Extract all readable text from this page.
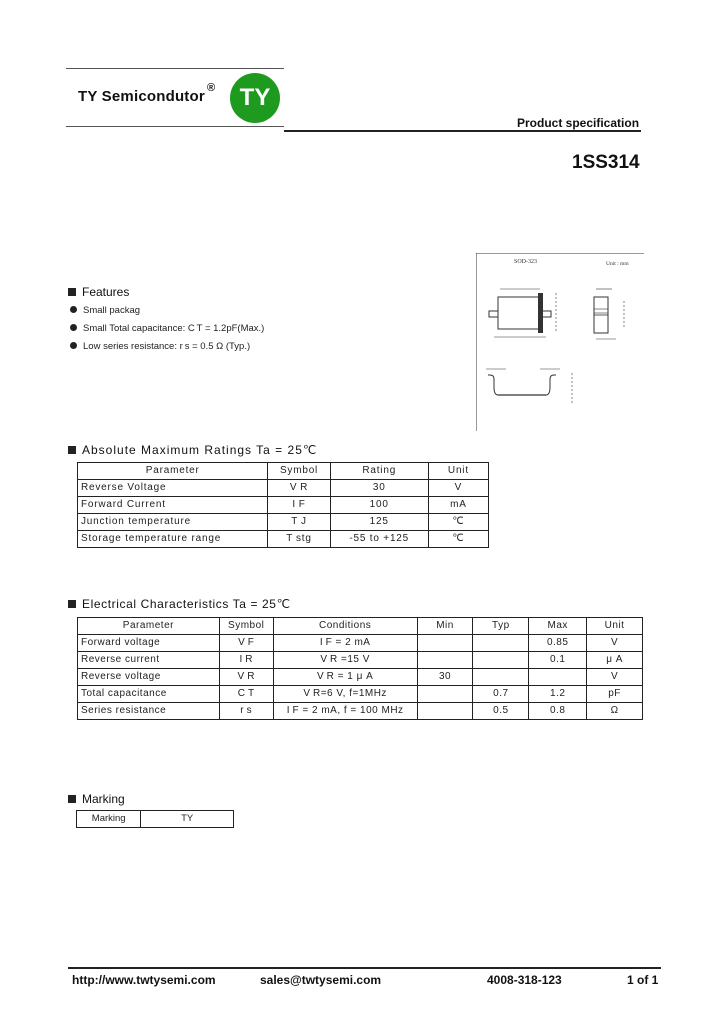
TY Semicondutor ®	TY
Product specification
1SS314
SOD-323	Unit : mm
Features
Small packag
Small Total capacitance: C T = 1.2pF(Max.)
Low series resistance: r s = 0.5 Ω (Typ.)
Absolute Maximum Ratings Ta = 25℃
Parameter	Symbol	Rating	Unit
Reverse Voltage	V R	30	V
Forward Current	I F	100	mA
Junction temperature	T J	125	℃
Storage temperature range	T stg	-55 to +125	℃
Electrical Characteristics Ta = 25℃
Parameter	Symbol	Conditions	Min	Typ	Max	Unit
Forward voltage	V F	I F = 2 mA			0.85	V
Reverse current	I R	V R =15 V			0.1	μ A
Reverse voltage	V R	V R = 1 μ A	30			V
Total capacitance	C T	V R=6 V, f=1MHz		0.7	1.2	pF
Series resistance	r s	I F = 2 mA, f = 100 MHz		0.5	0.8	Ω
Marking
Marking	TY
http://www.twtysemi.com	sales@twtysemi.com	4008-318-123	1 of 1
